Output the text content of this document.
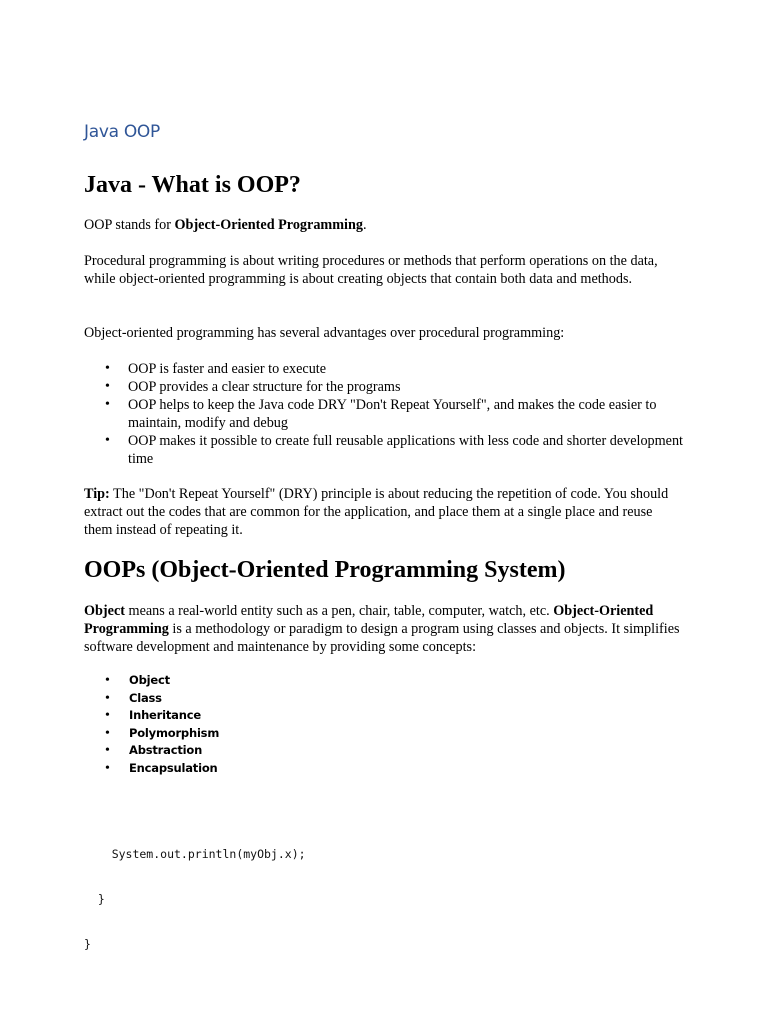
Java OOP
Java - What is OOP?

OOP stands for Object-Oriented Programming.

Procedural programming is about writing procedures or methods that perform operations on the data, while object-oriented programming is about creating objects that contain both data and methods.

Object-oriented programming has several advantages over procedural programming:

• OOP is faster and easier to execute
• OOP provides a clear structure for the programs
• OOP helps to keep the Java code DRY "Don't Repeat Yourself", and makes the code easier to maintain, modify and debug
• OOP makes it possible to create full reusable applications with less code and shorter development time

Tip: The "Don't Repeat Yourself" (DRY) principle is about reducing the repetition of code. You should extract out the codes that are common for the application, and place them at a single place and reuse them instead of repeating it.

OOPs (Object-Oriented Programming System)

Object means a real-world entity such as a pen, chair, table, computer, watch, etc. Object-Oriented Programming is a methodology or paradigm to design a program using classes and objects. It simplifies software development and maintenance by providing some concepts:

• Object
• Class
• Inheritance
• Polymorphism
• Abstraction
• Encapsulation

System.out.println(myObj.x);

}

}
